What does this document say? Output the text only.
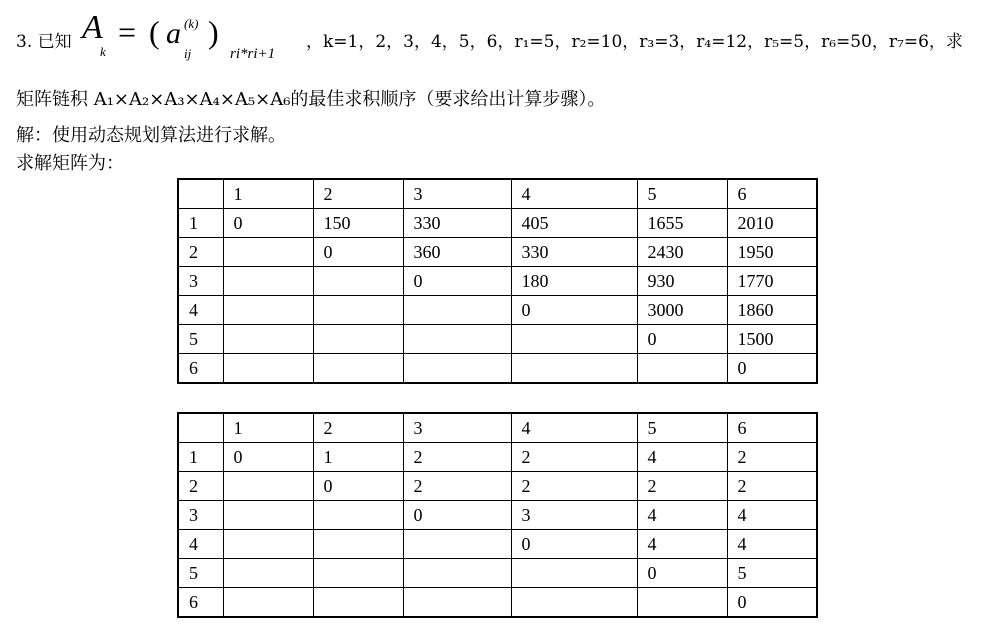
3. 已知 A
k
= ( a (k)
ij
)
ri*ri+1
，k=1，2，3，4，5，6，r₁=5，r₂=10，r₃=3，r₄=12，r₅=5，r₆=50，r₇=6，求
矩阵链积 A₁×A₂×A₃×A₄×A₅×A₆的最佳求积顺序（要求给出计算步骤）。
解：使用动态规划算法进行求解。
求解矩阵为：
	1	2	3	4	5	6
1	0	150	330	405	1655	2010
2		0	360	330	2430	1950
3			0	180	930	1770
4				0	3000	1860
5					0	1500
6						0
	1	2	3	4	5	6
1	0	1	2	2	4	2
2		0	2	2	2	2
3			0	3	4	4
4				0	4	4
5					0	5
6						0
